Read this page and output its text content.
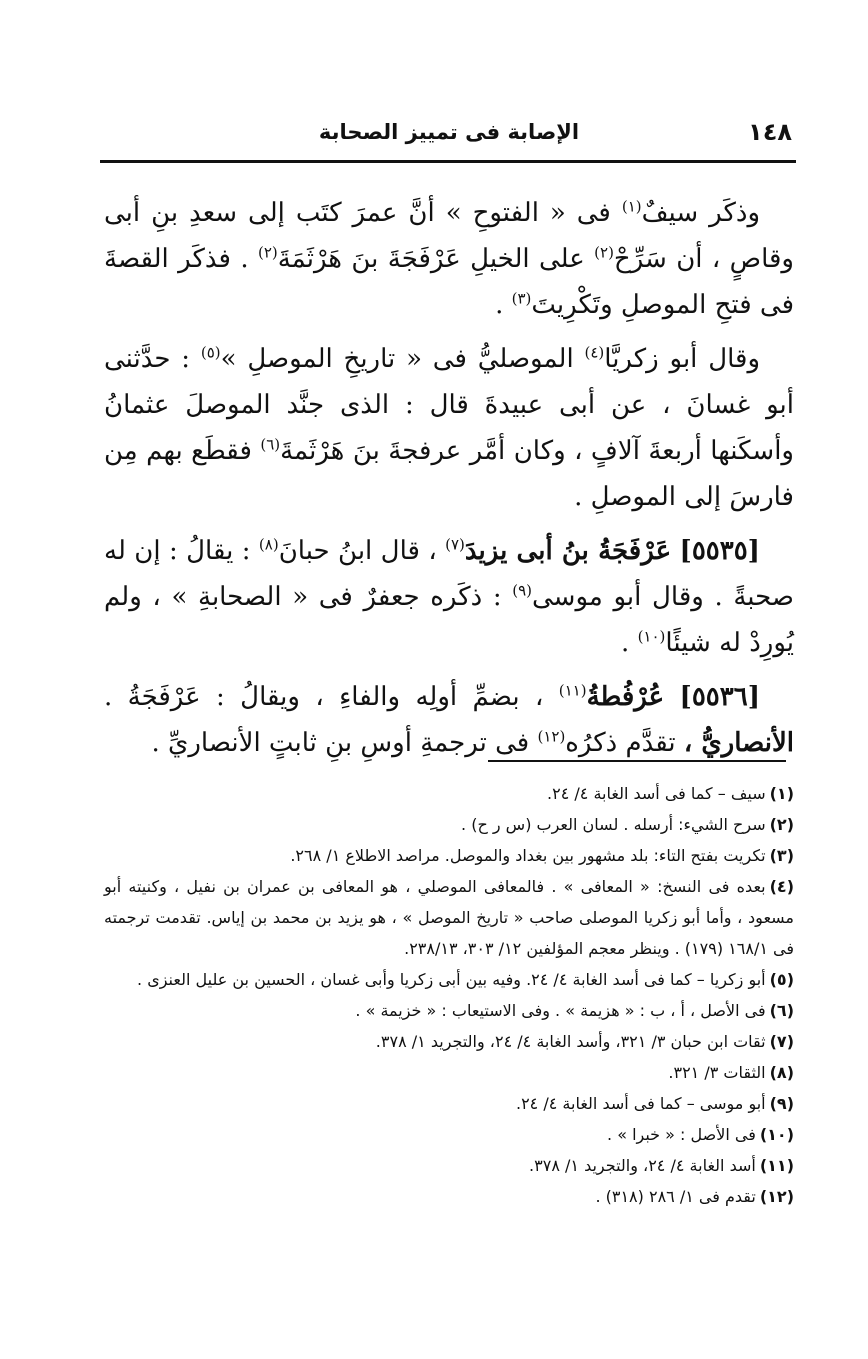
١٤٨
الإصابة فى تمييز الصحابة

وذكَر سيفٌ$^{(١)}$ فى « الفتوحِ » أنَّ عمرَ كتَب إلى سعدِ بنِ أبى وقاصٍ ، أن سَرِّحْ$^{(٢)}$ على الخيلِ عَرْفَجَةَ بنَ هَرْثَمَةَ$^{(٢)}$ . فذكَر القصةَ فى فتحِ الموصلِ وتَكْرِيتَ$^{(٣)}$ .

وقال أبو زكريَّا$^{(٤)}$ الموصليُّ فى « تاريخِ الموصلِ »$^{(٥)}$ : حدَّثنى أبو غسانَ ، عن أبى عبيدةَ قال : الذى جنَّد الموصلَ عثمانُ وأسكَنها أربعةَ آلافٍ ، وكان أمَّر عرفجةَ بنَ هَرْثَمةَ$^{(٦)}$ فقطَع بهم مِن فارسَ إلى الموصلِ .

[٥٥٣٥] عَرْفَجَةُ بنُ أبى يزيدَ$^{(٧)}$ ، قال ابنُ حبانَ$^{(٨)}$ : يقالُ : إن له صحبةً . وقال أبو موسى$^{(٩)}$ : ذكَره جعفرٌ فى « الصحابةِ » ، ولم يُورِدْ له شيئًا$^{(١٠)}$ .

[٥٥٣٦] عُرْفُطةُ$^{(١١)}$ ، بضمِّ أولِه والفاءِ ، ويقالُ : عَرْفَجَةُ . الأنصاريُّ ، تقدَّم ذكرُه$^{(١٢)}$ فى ترجمةِ أوسِ بنِ ثابتٍ الأنصاريِّ .

(١)سيف – كما فى أسد الغابة ٤/ ٢٤.

(٢)سرح الشيء: أرسله . لسان العرب (س ر ح) .

(٣)تكريت بفتح التاء: بلد مشهور بين بغداد والموصل. مراصد الاطلاع ١/ ٢٦٨.

(٤)بعده فى النسخ: « المعافى » . فالمعافى الموصلي ، هو المعافى بن عمران بن نفيل ، وكنيته أبو مسعود ، وأما أبو زكريا الموصلى صاحب « تاريخ الموصل » ، هو يزيد بن محمد بن إياس. تقدمت ترجمته فى ١٦٨/١ (١٧٩) . وينظر معجم المؤلفين ١٢/ ٣٠٣، ٢٣٨/١٣.

(٥)أبو زكريا – كما فى أسد الغابة ٤/ ٢٤. وفيه بين أبى زكريا وأبى غسان ، الحسين بن عليل العنزى .

(٦)فى الأصل ، أ ، ب : « هزيمة » . وفى الاستيعاب : « خزيمة » .

(٧)ثقات ابن حبان ٣/ ٣٢١، وأسد الغابة ٤/ ٢٤، والتجريد ١/ ٣٧٨.

(٨)الثقات ٣/ ٣٢١.

(٩)أبو موسى – كما فى أسد الغابة ٤/ ٢٤.

(١٠)فى الأصل : « خبرا » .

(١١)أسد الغابة ٤/ ٢٤، والتجريد ١/ ٣٧٨.

(١٢)تقدم فى ١/ ٢٨٦ (٣١٨) .
